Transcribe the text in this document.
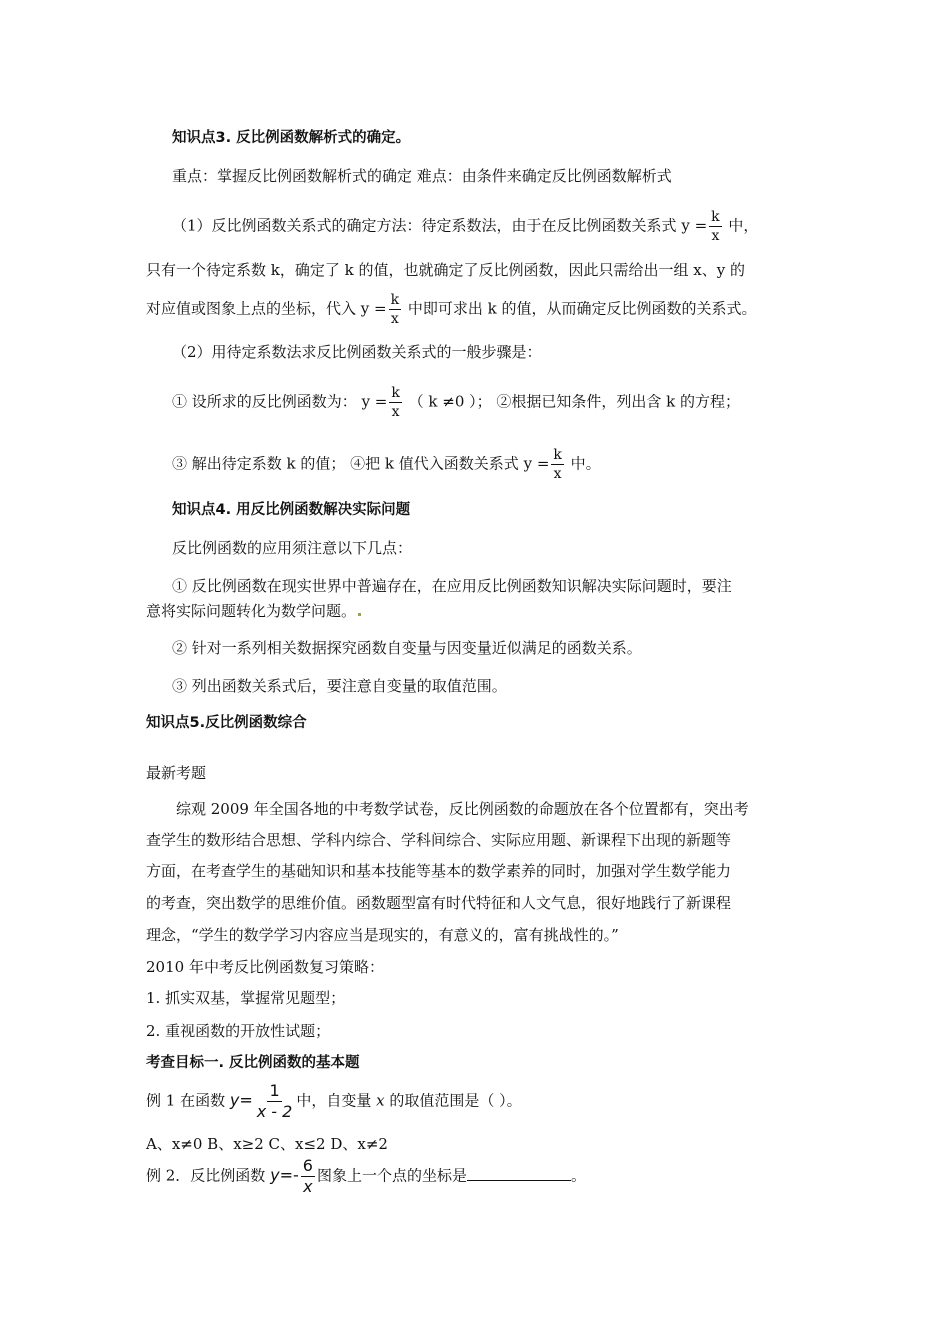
知识点3. 反比例函数解析式的确定。
重点：掌握反比例函数解析式的确定 难点：由条件来确定反比例函数解析式
（1）反比例函数关系式的确定方法：待定系数法，由于在反比例函数关系式 $y = \frac{k}{x}$ 中，
只有一个待定系数 k，确定了 k 的值，也就确定了反比例函数，因此只需给出一组 x、y 的
对应值或图象上点的坐标，代入 $y = \frac{k}{x}$ 中即可求出 k 的值，从而确定反比例函数的关系式。
（2）用待定系数法求反比例函数关系式的一般步骤是：
① 设所求的反比例函数为： $y = \frac{k}{x}$ （ k ≠0 ）； ②根据已知条件，列出含 k 的方程；
③ 解出待定系数 k 的值； ④把 k 值代入函数关系式 $y = \frac{k}{x}$ 中。
知识点4. 用反比例函数解决实际问题
反比例函数的应用须注意以下几点：
① 反比例函数在现实世界中普遍存在，在应用反比例函数知识解决实际问题时，要注
意将实际问题转化为数学问题。
② 针对一系列相关数据探究函数自变量与因变量近似满足的函数关系。
③ 列出函数关系式后，要注意自变量的取值范围。
知识点5.反比例函数综合
最新考题
综观 2009 年全国各地的中考数学试卷，反比例函数的命题放在各个位置都有，突出考
查学生的数形结合思想、学科内综合、学科间综合、实际应用题、新课程下出现的新题等
方面，在考查学生的基础知识和基本技能等基本的数学素养的同时，加强对学生数学能力
的考查，突出数学的思维价值。函数题型富有时代特征和人文气息，很好地践行了新课程
理念，“学生的数学学习内容应当是现实的，有意义的，富有挑战性的。”
2010 年中考反比例函数复习策略：
1. 抓实双基，掌握常见题型；
2. 重视函数的开放性试题；
考查目标一. 反比例函数的基本题
例 1 在函数 $y= \frac{1}{x - 2}$ 中，自变量 x 的取值范围是（ ）。
A、x≠0 B、x≥2 C、x≤2 D、x≠2
例 2．反比例函数 $y=- \frac{6}{x}$ 图象上一个点的坐标是	。
